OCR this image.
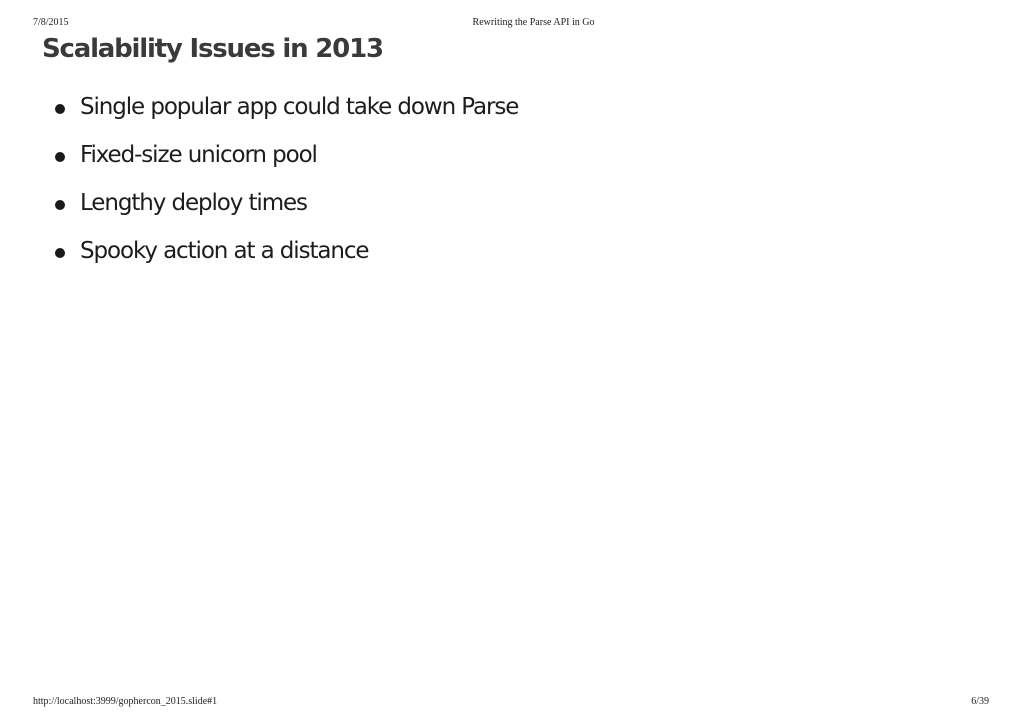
7/8/2015	Rewriting the Parse API in Go
Scalability Issues in 2013
Single popular app could take down Parse
Fixed-size unicorn pool
Lengthy deploy times
Spooky action at a distance
http://localhost:3999/gophercon_2015.slide#1	6/39
